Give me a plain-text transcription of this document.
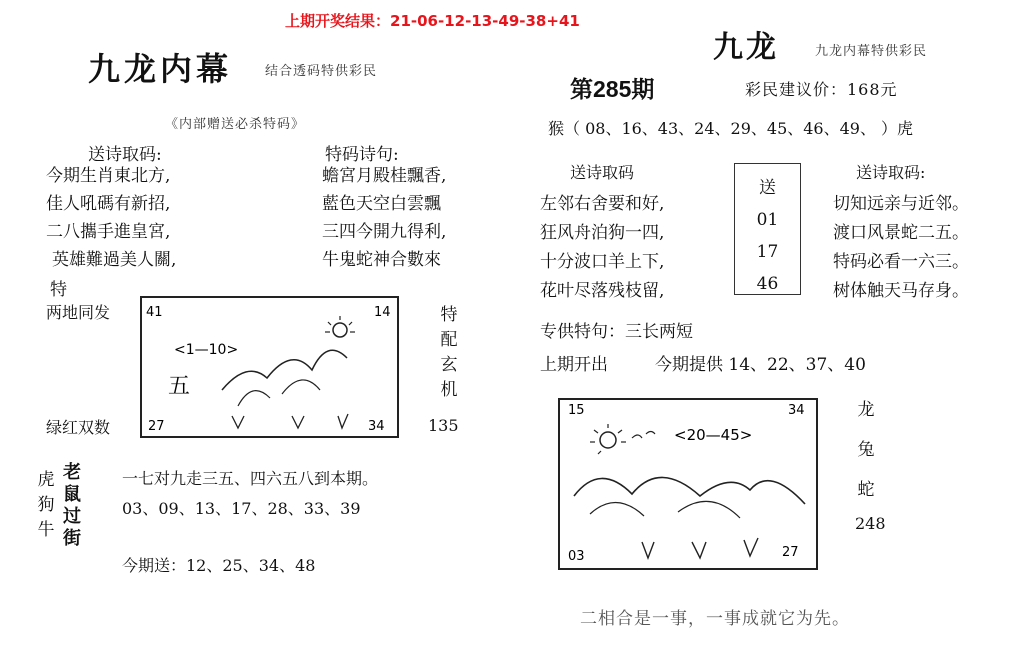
上期开奖结果：21-06-12-13-49-38+41
九龙内幕	结合透码特供彩民
《内部赠送必杀特码》
送诗取码:
今期生肖東北方,
佳人吼碼有新招,
二八攜手進皇宮,
英雄難過美人關,
特
特码诗句:
蟾宮月殿桂飄香,
藍色天空白雲飄
三四今開九得利,
牛鬼蛇神合數來
两地同发
绿红双数
41	14
27	34
<1—10>
五
特
配
玄
机
135
虎
狗
牛
老
鼠
过
街
一七对九走三五、四六五八到本期。
03、09、13、17、28、33、39
今期送：12、25、34、48
九龙	九龙内幕特供彩民
第285期	彩民建议价：168元
猴（ 08、16、43、24、29、45、46、49、 ）虎
送诗取码
左邻右舍要和好,
狂风舟泊狗一四,
十分波口羊上下,
花叶尽落残枝留,
送
01
17
46
送诗取码:
切知远亲与近邻。
渡口风景蛇二五。
特码必看一六三。
树体触天马存身。
专供特句：三长两短
上期开出	今期提供 14、22、37、40
15	34
03	27
<20—45>
龙
兔
蛇
248
二相合是一事，一事成就它为先。
